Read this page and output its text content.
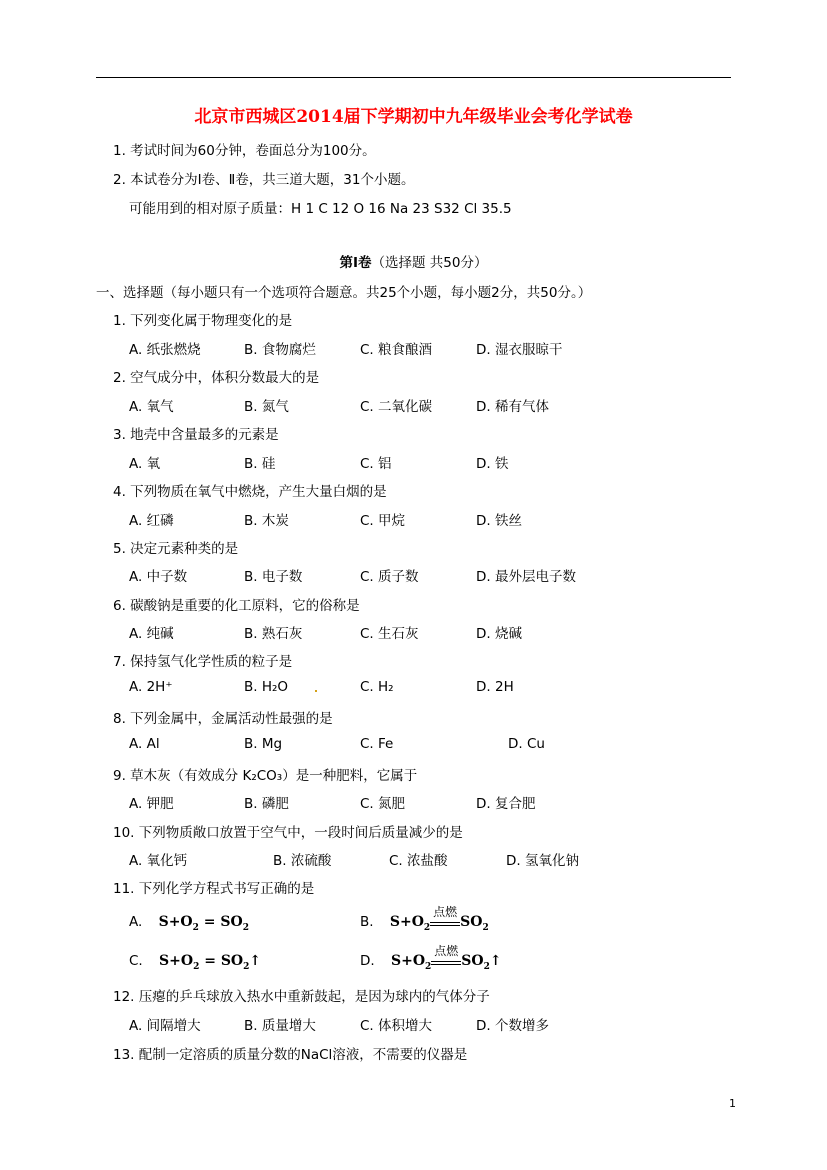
北京市西城区2014届下学期初中九年级毕业会考化学试卷
1. 考试时间为60分钟，卷面总分为100分。
2. 本试卷分为Ⅰ卷、Ⅱ卷，共三道大题，31个小题。
可能用到的相对原子质量：H 1 C 12 O 16 Na 23 S32 Cl 35.5
第Ⅰ卷（选择题 共50分）
一、选择题（每小题只有一个选项符合题意。共25个小题，每小题2分，共50分。）
1. 下列变化属于物理变化的是
A. 纸张燃烧	B. 食物腐烂	C. 粮食酿酒	D. 湿衣服晾干
2. 空气成分中，体积分数最大的是
A. 氧气	B. 氮气	C. 二氧化碳	D. 稀有气体
3. 地壳中含量最多的元素是
A. 氧	B. 硅	C. 铝	D. 铁
4. 下列物质在氧气中燃烧，产生大量白烟的是
A. 红磷	B. 木炭	C. 甲烷	D. 铁丝
5. 决定元素种类的是
A. 中子数	B. 电子数	C. 质子数	D. 最外层电子数
6. 碳酸钠是重要的化工原料，它的俗称是
A. 纯碱	B. 熟石灰	C. 生石灰	D. 烧碱
7. 保持氢气化学性质的粒子是
A. 2H⁺	B. H₂O	C. H₂	D. 2H
8. 下列金属中，金属活动性最强的是
A. Al	B. Mg	C. Fe	D. Cu
9. 草木灰（有效成分 K₂CO₃）是一种肥料，它属于
A. 钾肥	B. 磷肥	C. 氮肥	D. 复合肥
10. 下列物质敞口放置于空气中，一段时间后质量减少的是
A. 氧化钙	B. 浓硫酸	C. 浓盐酸	D. 氢氧化钠
11. 下列化学方程式书写正确的是
A. $S+O_2 = SO_2$	B. $S+O_2$
点燃
$SO_2$
C. $S+O_2$ = $SO_2↑$	D. $S+O_2$
点燃
$SO_2↑$
12. 压瘪的乒乓球放入热水中重新鼓起，是因为球内的气体分子
A. 间隔增大	B. 质量增大	C. 体积增大	D. 个数增多
13. 配制一定溶质的质量分数的NaCl溶液，不需要的仪器是
1
